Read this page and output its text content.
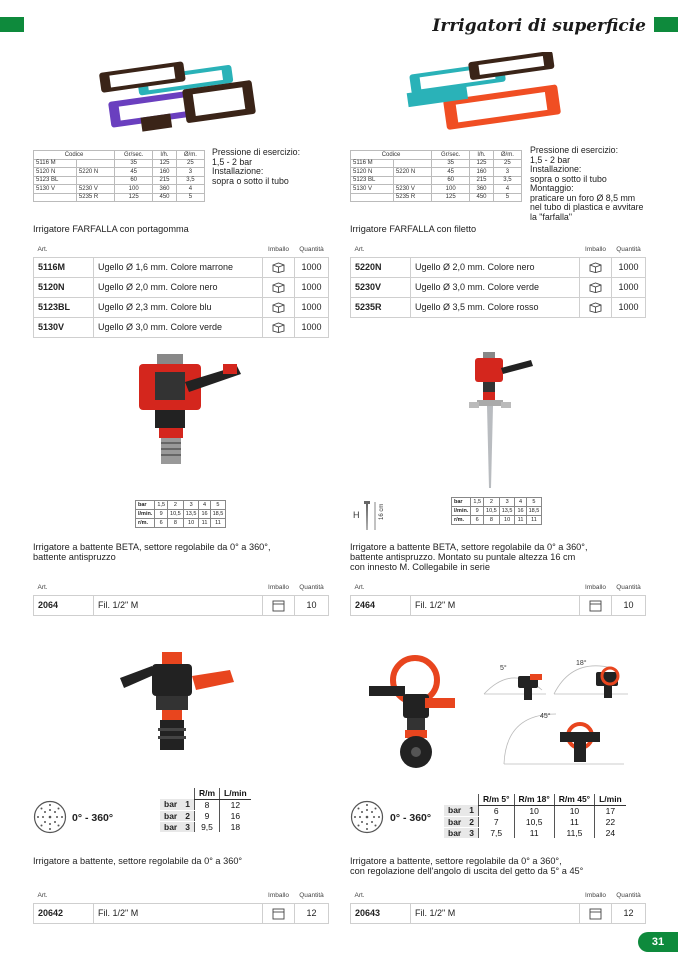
Irrigatori di superficie
Codice		Gr/sec.	l/h.	Ø/m.
5116 M		35	125	25
5120 N	5220 N	45	160	3
5123 BL		60	215	3,5
5130 V	5230 V	100	360	4
	5235 R	125	450	5
Pressione di esercizio:
1,5 - 2 bar
Installazione:
sopra o sotto il tubo
Codice		Gr/sec.	l/h.	Ø/m.
5116 M		35	125	25
5120 N	5220 N	45	160	3
5123 BL		60	215	3,5
5130 V	5230 V	100	360	4
	5235 R	125	450	5
Pressione di esercizio:
1,5 - 2 bar
Installazione:
sopra o sotto il tubo
Montaggio:
praticare un foro Ø 8,5 mm
nel tubo di plastica e avvitare
la "farfalla"
Irrigatore FARFALLA con portagomma
Art.		Imballo	Quantità
5116M	Ugello Ø 1,6 mm. Colore marrone		1000
5120N	Ugello Ø 2,0 mm. Colore nero		1000
5123BL	Ugello Ø 2,3 mm. Colore blu		1000
5130V	Ugello Ø 3,0 mm. Colore verde		1000
Irrigatore FARFALLA con filetto
Art.		Imballo	Quantità
5220N	Ugello Ø 2,0 mm. Colore nero		1000
5230V	Ugello Ø 3,0 mm. Colore verde		1000
5235R	Ugello Ø 3,5 mm. Colore rosso		1000
bar	1,5	2	3	4	5
l/min.	9	10,5	13,5	16	18,5
r/m.	6	8	10	11	11
H	16 cm
bar	1,5	2	3	4	5
l/min.	9	10,5	13,5	16	18,5
r/m.	6	8	10	11	11
Irrigatore a battente BETA, settore regolabile da 0° a 360°,
battente antispruzzo
Art.		Imballo	Quantità
2064	Fil. 1/2" M		10
Irrigatore a battente BETA, settore regolabile da 0° a 360°,
battente antispruzzo. Montato su puntale altezza 16 cm
con innesto M. Collegabile in serie
Art.		Imballo	Quantità
2464	Fil. 1/2" M		10
5°
18°
45°
0° - 360°
		R/m	L/min
bar	1	8	12
bar	2	9	16
bar	3	9,5	18
0° - 360°
		R/m 5°	R/m 18°	R/m 45°	L/min
bar	1	6	10	10	17
bar	2	7	10,5	11	22
bar	3	7,5	11	11,5	24
Irrigatore a battente, settore regolabile da 0° a 360°
Art.		Imballo	Quantità
20642	Fil. 1/2" M		12
Irrigatore a battente, settore regolabile da 0° a 360°,
con regolazione dell'angolo di uscita del getto da 5° a 45°
Art.		Imballo	Quantità
20643	Fil. 1/2" M		12
31
